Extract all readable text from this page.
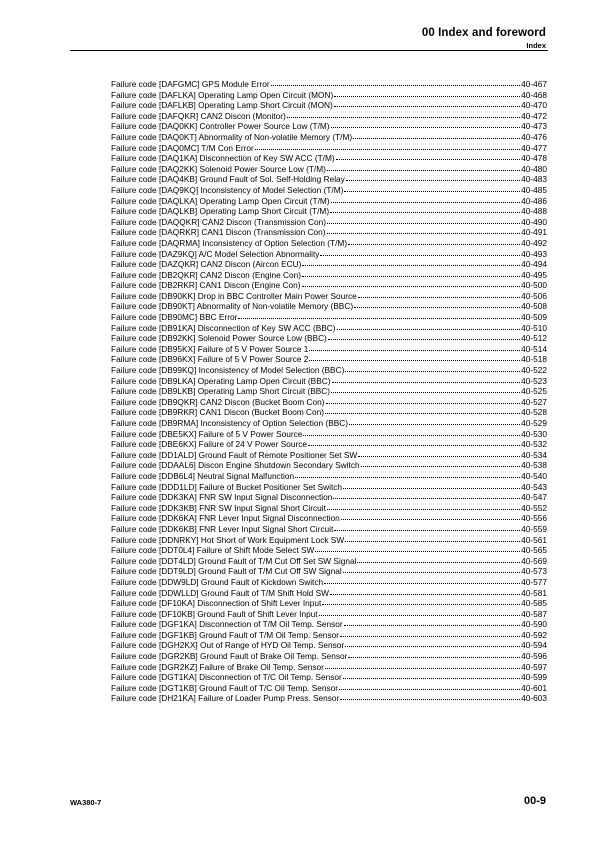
00 Index and foreword
Index
Failure code [DAFGMC] GPS Module Error	40-467
Failure code [DAFLKA] Operating Lamp Open Circuit (MON)	40-468
Failure code [DAFLKB] Operating Lamp Short Circuit (MON)	40-470
Failure code [DAFQKR] CAN2 Discon (Monitor)	40-472
Failure code [DAQ0KK] Controller Power Source Low (T/M)	40-473
Failure code [DAQ0KT] Abnormality of Non-volatile Memory (T/M)	40-476
Failure code [DAQ0MC] T/M Con Error	40-477
Failure code [DAQ1KA] Disconnection of Key SW ACC (T/M)	40-478
Failure code [DAQ2KK] Solenoid Power Source Low (T/M)	40-480
Failure code [DAQ4KB] Ground Fault of Sol. Self-Holding Relay	40-483
Failure code [DAQ9KQ] Inconsistency of Model Selection (T/M)	40-485
Failure code [DAQLKA] Operating Lamp Open Circuit (T/M)	40-486
Failure code [DAQLKB] Operating Lamp Short Circuit (T/M)	40-488
Failure code [DAQQKR] CAN2 Discon (Transmission Con)	40-490
Failure code [DAQRKR] CAN1 Discon (Transmission Con)	40-491
Failure code [DAQRMA] Inconsistency of Option Selection (T/M)	40-492
Failure code [DAZ9KQ] A/C Model Selection Abnormality	40-493
Failure code [DAZQKR] CAN2 Discon (Aircon ECU)	40-494
Failure code [DB2QKR] CAN2 Discon (Engine Con)	40-495
Failure code [DB2RKR] CAN1 Discon (Engine Con)	40-500
Failure code [DB90KK] Drop in BBC Controller Main Power Source	40-506
Failure code [DB90KT] Abnormality of Non-volatile Memory (BBC)	40-508
Failure code [DB90MC] BBC Error	40-509
Failure code [DB91KA] Disconnection of Key SW ACC (BBC)	40-510
Failure code [DB92KK] Solenoid Power Source Low (BBC)	40-512
Failure code [DB95KX] Failure of 5 V Power Source 1	40-514
Failure code [DB96KX] Failure of 5 V Power Source 2	40-518
Failure code [DB99KQ] Inconsistency of Model Selection (BBC)	40-522
Failure code [DB9LKA] Operating Lamp Open Circuit (BBC)	40-523
Failure code [DB9LKB] Operating Lamp Short Circuit (BBC)	40-525
Failure code [DB9QKR] CAN2 Discon (Bucket Boom Con)	40-527
Failure code [DB9RKR] CAN1 Discon (Bucket Boom Con)	40-528
Failure code [DB9RMA] Inconsistency of Option Selection (BBC)	40-529
Failure code [DBE5KX] Failure of 5 V Power Source	40-530
Failure code [DBE6KX] Failure of 24 V Power Source	40-532
Failure code [DD1ALD] Ground Fault of Remote Positioner Set SW	40-534
Failure code [DDAAL6] Discon Engine Shutdown Secondary Switch	40-538
Failure code [DDB6L4] Neutral Signal Malfunction	40-540
Failure code [DDD1LD] Failure of Bucket Positioner Set Switch	40-543
Failure code [DDK3KA] FNR SW Input Signal Disconnection	40-547
Failure code [DDK3KB] FNR SW Input Signal Short Circuit	40-552
Failure code [DDK6KA] FNR Lever Input Signal Disconnection	40-556
Failure code [DDK6KB] FNR Lever Input Signal Short Circuit	40-559
Failure code [DDNRKY] Hot Short of Work Equipment Lock SW	40-561
Failure code [DDT0L4] Failure of Shift Mode Select SW	40-565
Failure code [DDT4LD] Ground Fault of T/M Cut Off Set SW Signal	40-569
Failure code [DDT9LD] Ground Fault of T/M Cut Off SW Signal	40-573
Failure code [DDW9LD] Ground Fault of Kickdown Switch	40-577
Failure code [DDWLLD] Ground Fault of T/M Shift Hold SW	40-581
Failure code [DF10KA] Disconnection of Shift Lever Input	40-585
Failure code [DF10KB] Ground Fault of Shift Lever Input	40-587
Failure code [DGF1KA] Disconnection of T/M Oil Temp. Sensor	40-590
Failure code [DGF1KB] Ground Fault of T/M Oil Temp. Sensor	40-592
Failure code [DGH2KX] Out of Range of HYD Oil Temp. Sensor	40-594
Failure code [DGR2KB] Ground Fault of Brake Oil Temp. Sensor	40-596
Failure code [DGR2KZ] Failure of Brake Oil Temp. Sensor	40-597
Failure code [DGT1KA] Disconnection of T/C Oil Temp. Sensor	40-599
Failure code [DGT1KB] Ground Fault of T/C Oil Temp. Sensor	40-601
Failure code [DH21KA] Failure of Loader Pump Press. Sensor	40-603
WA380-7	00-9
